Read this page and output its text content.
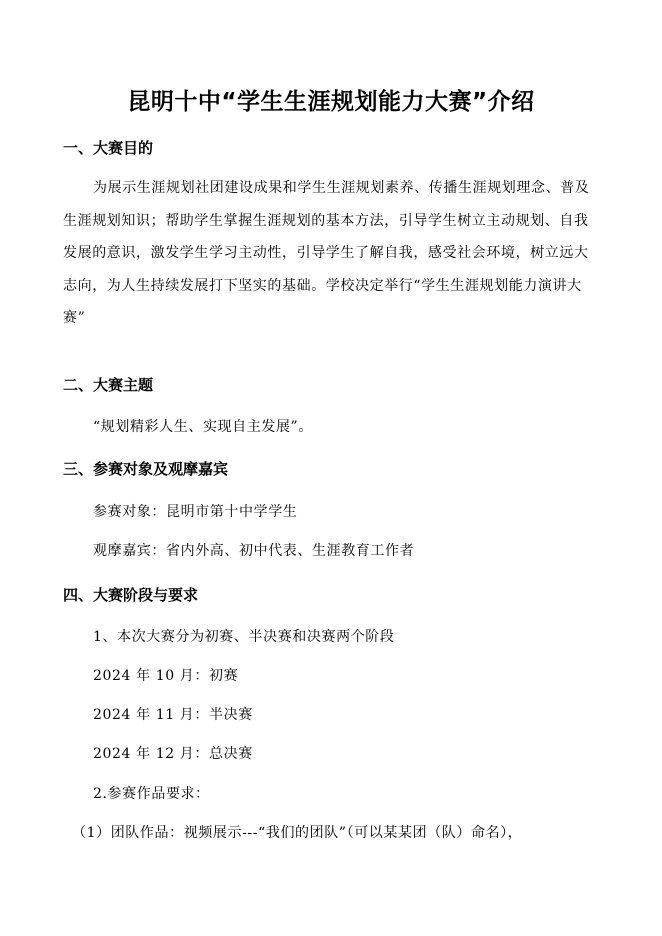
昆明十中“学生生涯规划能力大赛”介绍
一、大赛目的
为展示生涯规划社团建设成果和学生生涯规划素养、传播生涯规划理念、普及生涯规划知识；帮助学生掌握生涯规划的基本方法，引导学生树立主动规划、自我发展的意识，激发学生学习主动性，引导学生了解自我，感受社会环境，树立远大志向，为人生持续发展打下坚实的基础。学校决定举行“学生生涯规划能力演讲大赛”
二、大赛主题
“规划精彩人生、实现自主发展”。
三、参赛对象及观摩嘉宾
参赛对象：昆明市第十中学学生
观摩嘉宾：省内外高、初中代表、生涯教育工作者
四、大赛阶段与要求
1、本次大赛分为初赛、半决赛和决赛两个阶段
2024 年 10 月：初赛
2024 年 11 月：半决赛
2024 年 12 月：总决赛
2.参赛作品要求：
（1）团队作品：视频展示---“我们的团队”（可以某某团（队）命名），
